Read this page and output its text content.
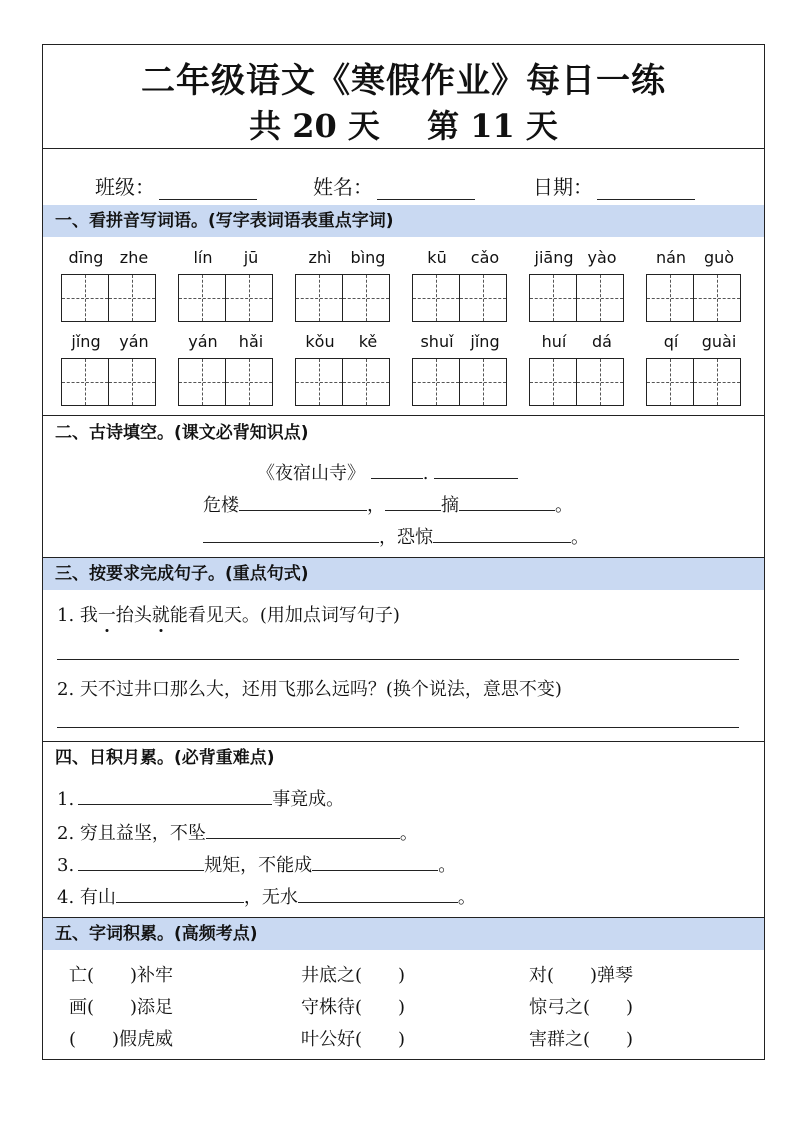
二年级语文《寒假作业》每日一练
共 20 天 第 11 天
班级：	姓名：	日期：
一、看拼音写词语。(写字表词语表重点字词)
dīng	zhe	lín	jū	zhì	bìng	kū	cǎo	jiāng yào	nán	guò
jǐng	yán	yán	hǎi	kǒu	kě	shuǐ	jǐng	huí	dá	qí	guài
二、古诗填空。(课文必背知识点)
《夜宿山寺》	.
危楼	，	摘	。
，恐惊	。
三、按要求完成句子。(重点句式)
1. 我一抬头就能看见天。(用加点词写句子)
2. 天不过井口那么大，还用飞那么远吗？(换个说法，意思不变)
四、日积月累。(必背重难点)
1.	事竟成。
2. 穷且益坚，不坠	。
3.	规矩，不能成	。
4. 有山	，无水	。
五、字词积累。(高频考点)
亡(　　)补牢	井底之(　　)	对(　　)弹琴
画(　　)添足	守株待(　　)	惊弓之(　　)
(　　)假虎威	叶公好(　　)	害群之(　　)
